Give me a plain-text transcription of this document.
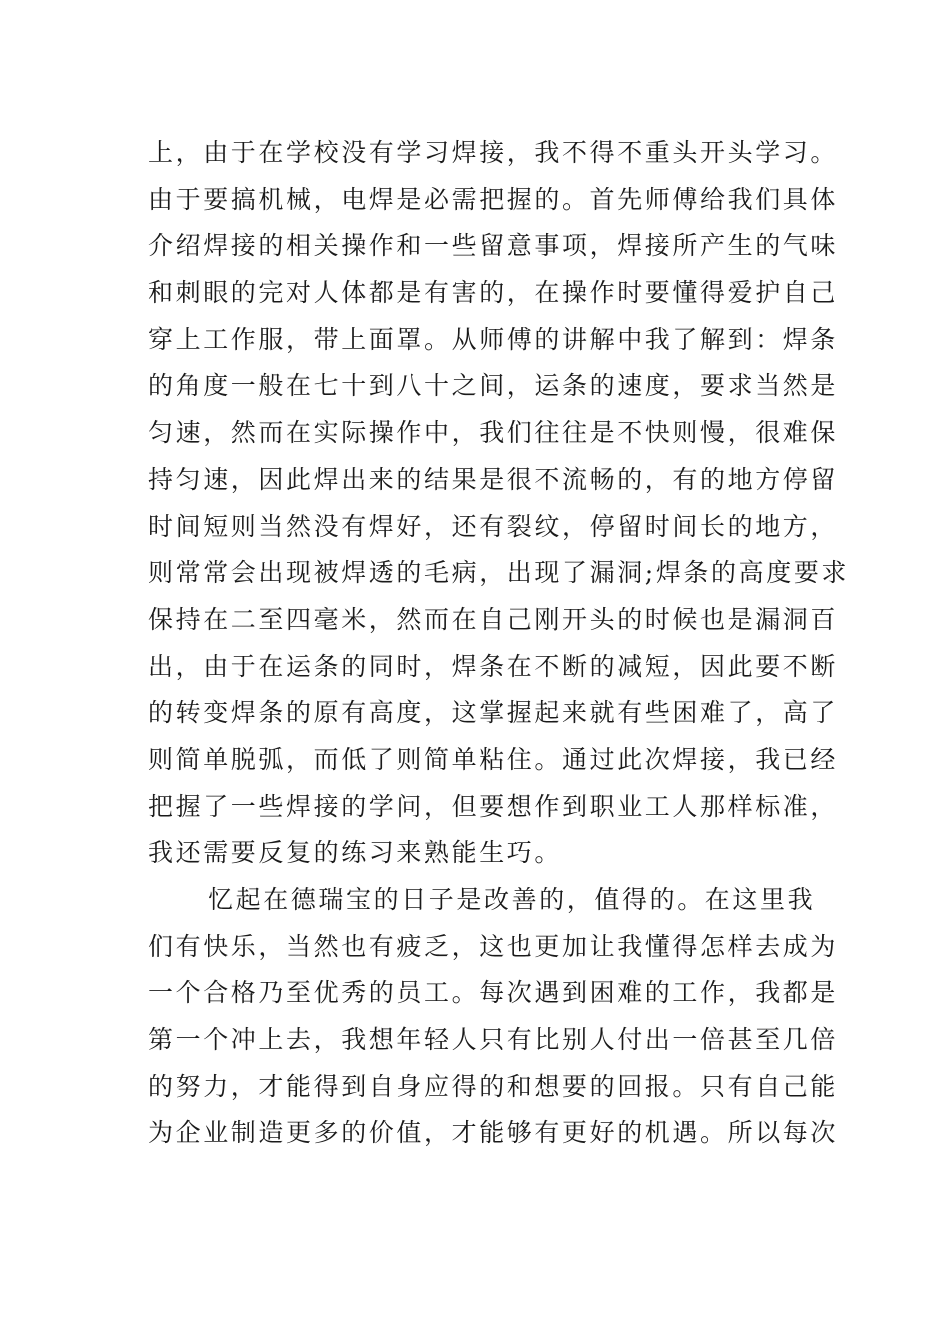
上，由于在学校没有学习焊接，我不得不重头开头学习。
由于要搞机械，电焊是必需把握的。首先师傅给我们具体
介绍焊接的相关操作和一些留意事项，焊接所产生的气味
和刺眼的完对人体都是有害的，在操作时要懂得爱护自己
穿上工作服，带上面罩。从师傅的讲解中我了解到：焊条
的角度一般在七十到八十之间，运条的速度，要求当然是
匀速，然而在实际操作中，我们往往是不快则慢，很难保
持匀速，因此焊出来的结果是很不流畅的，有的地方停留
时间短则当然没有焊好，还有裂纹，停留时间长的地方，
则常常会出现被焊透的毛病，出现了漏洞;焊条的高度要求
保持在二至四毫米，然而在自己刚开头的时候也是漏洞百
出，由于在运条的同时，焊条在不断的减短，因此要不断
的转变焊条的原有高度，这掌握起来就有些困难了，高了
则简单脱弧，而低了则简单粘住。通过此次焊接，我已经
把握了一些焊接的学问，但要想作到职业工人那样标准，
我还需要反复的练习来熟能生巧。
忆起在德瑞宝的日子是改善的，值得的。在这里我
们有快乐，当然也有疲乏，这也更加让我懂得怎样去成为
一个合格乃至优秀的员工。每次遇到困难的工作，我都是
第一个冲上去，我想年轻人只有比别人付出一倍甚至几倍
的努力，才能得到自身应得的和想要的回报。只有自己能
为企业制造更多的价值，才能够有更好的机遇。所以每次
